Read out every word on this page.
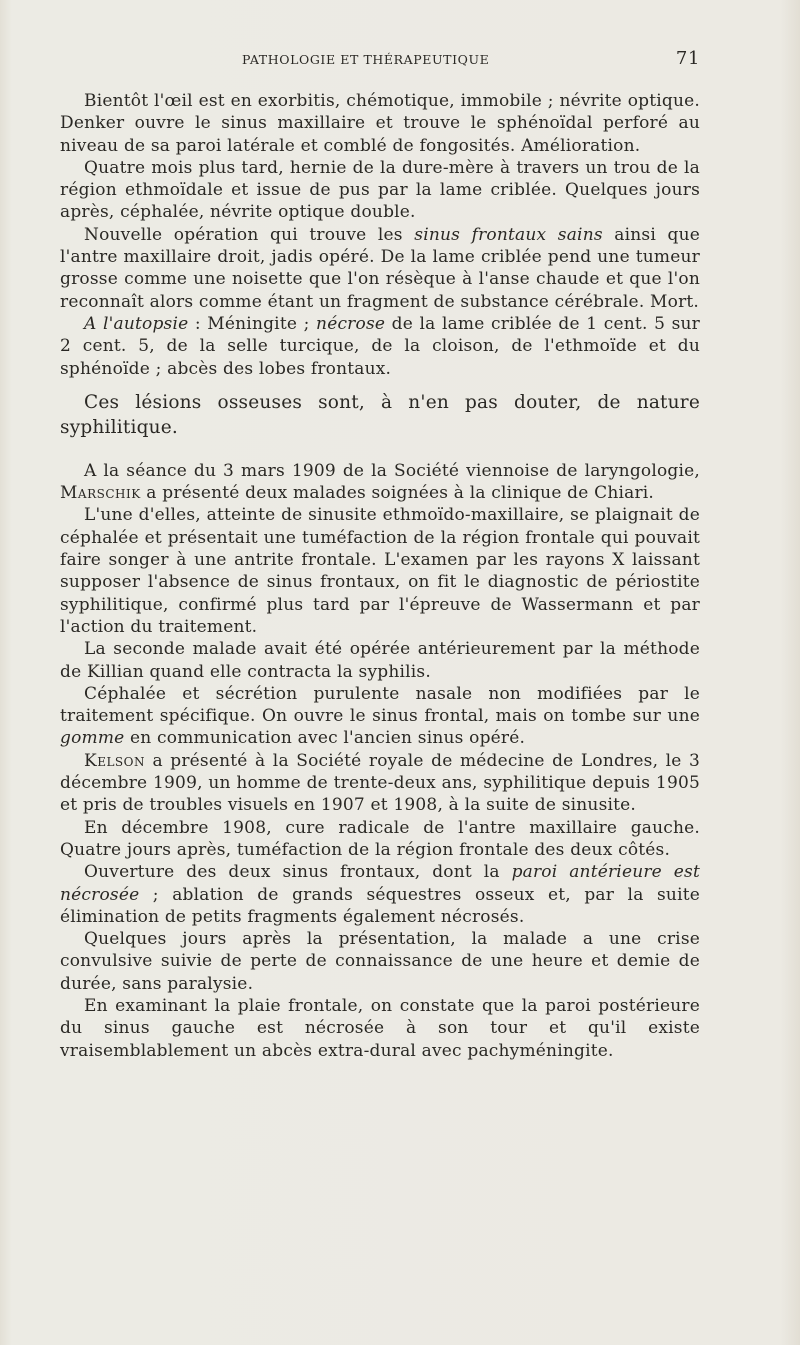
PATHOLOGIE ET THÉRAPEUTIQUE	71

Bientôt l'œil est en exorbitis, chémotique, immobile ; névrite optique. Denker ouvre le sinus maxillaire et trouve le sphénoïdal perforé au niveau de sa paroi latérale et comblé de fongosités. Amélioration.

Quatre mois plus tard, hernie de la dure-mère à travers un trou de la région ethmoïdale et issue de pus par la lame criblée. Quelques jours après, céphalée, névrite optique double.

Nouvelle opération qui trouve les sinus frontaux sains ainsi que l'antre maxillaire droit, jadis opéré. De la lame criblée pend une tumeur grosse comme une noisette que l'on résèque à l'anse chaude et que l'on reconnaît alors comme étant un fragment de substance cérébrale. Mort.

A l'autopsie : Méningite ; nécrose de la lame criblée de 1 cent. 5 sur 2 cent. 5, de la selle turcique, de la cloison, de l'ethmoïde et du sphénoïde ; abcès des lobes frontaux.

Ces lésions osseuses sont, à n'en pas douter, de nature syphilitique.

A la séance du 3 mars 1909 de la Société viennoise de laryngologie, Marschik a présenté deux malades soignées à la clinique de Chiari.

L'une d'elles, atteinte de sinusite ethmoïdo-maxillaire, se plaignait de céphalée et présentait une tuméfaction de la région frontale qui pouvait faire songer à une antrite frontale. L'examen par les rayons X laissant supposer l'absence de sinus frontaux, on fit le diagnostic de périostite syphilitique, confirmé plus tard par l'épreuve de Wassermann et par l'action du traitement.

La seconde malade avait été opérée antérieurement par la méthode de Killian quand elle contracta la syphilis.

Céphalée et sécrétion purulente nasale non modifiées par le traitement spécifique. On ouvre le sinus frontal, mais on tombe sur une gomme en communication avec l'ancien sinus opéré.

Kelson a présenté à la Société royale de médecine de Londres, le 3 décembre 1909, un homme de trente-deux ans, syphilitique depuis 1905 et pris de troubles visuels en 1907 et 1908, à la suite de sinusite.

En décembre 1908, cure radicale de l'antre maxillaire gauche. Quatre jours après, tuméfaction de la région frontale des deux côtés.

Ouverture des deux sinus frontaux, dont la paroi antérieure est nécrosée ; ablation de grands séquestres osseux et, par la suite élimination de petits fragments également nécrosés.

Quelques jours après la présentation, la malade a une crise convulsive suivie de perte de connaissance de une heure et demie de durée, sans paralysie.

En examinant la plaie frontale, on constate que la paroi postérieure du sinus gauche est nécrosée à son tour et qu'il existe vraisemblablement un abcès extra-dural avec pachyméningite.
